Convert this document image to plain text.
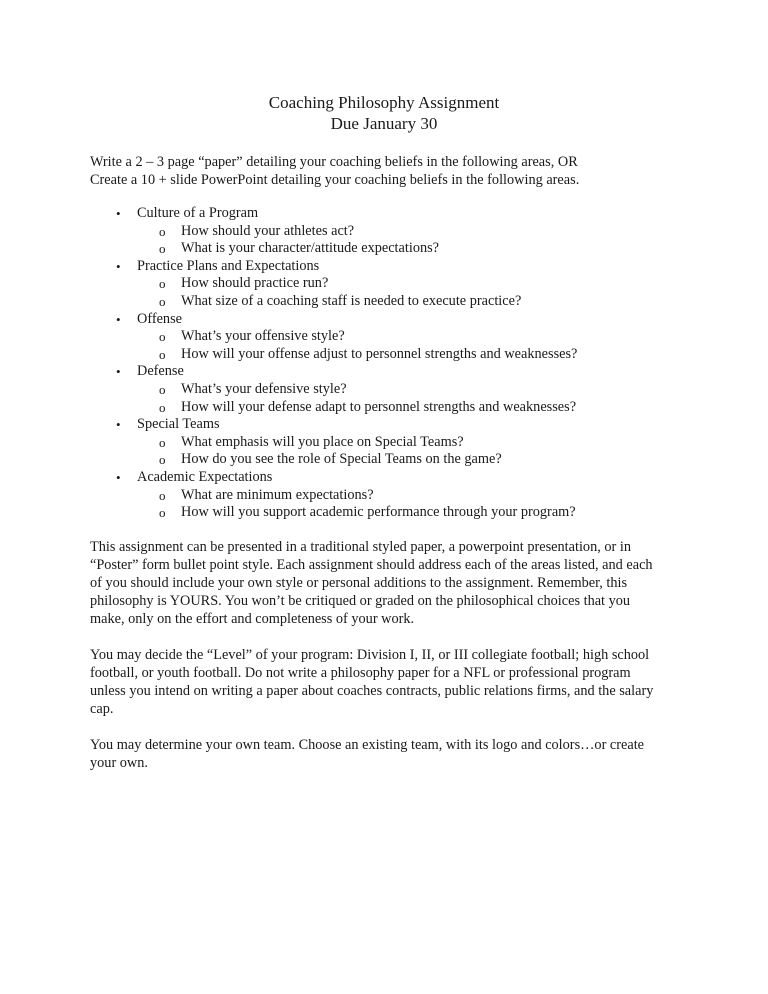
Coaching Philosophy Assignment
Due January 30
Write a 2 – 3 page “paper” detailing your coaching beliefs in the following areas, OR
Create a 10 + slide PowerPoint detailing your coaching beliefs in the following areas.
• Culture of a Program
o How should your athletes act?
o What is your character/attitude expectations?
• Practice Plans and Expectations
o How should practice run?
o What size of a coaching staff is needed to execute practice?
• Offense
o What’s your offensive style?
o How will your offense adjust to personnel strengths and weaknesses?
• Defense
o What’s your defensive style?
o How will your defense adapt to personnel strengths and weaknesses?
• Special Teams
o What emphasis will you place on Special Teams?
o How do you see the role of Special Teams on the game?
• Academic Expectations
o What are minimum expectations?
o How will you support academic performance through your program?
This assignment can be presented in a traditional styled paper, a powerpoint presentation, or in
“Poster” form bullet point style. Each assignment should address each of the areas listed, and each
of you should include your own style or personal additions to the assignment. Remember, this
philosophy is YOURS. You won’t be critiqued or graded on the philosophical choices that you
make, only on the effort and completeness of your work.
You may decide the “Level” of your program: Division I, II, or III collegiate football; high school
football, or youth football. Do not write a philosophy paper for a NFL or professional program
unless you intend on writing a paper about coaches contracts, public relations firms, and the salary
cap.
You may determine your own team. Choose an existing team, with its logo and colors…or create
your own.
